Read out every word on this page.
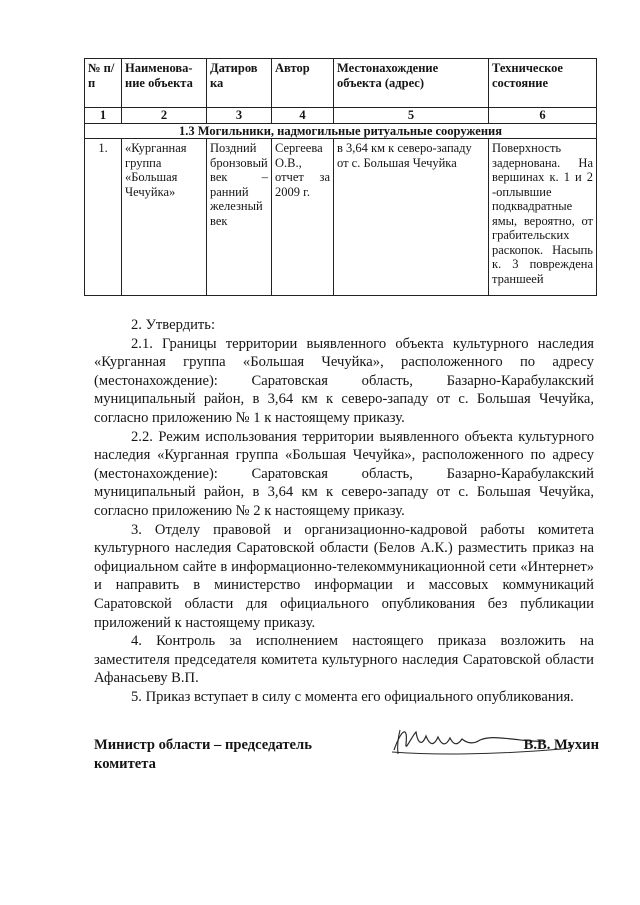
№ п/п	Наименова-ние объекта	Датиров ка	Автор	Местонахождение объекта (адрес)	Техническое состояние
1	2	3	4	5	6
1.3 Могильники, надмогильные ритуальные сооружения					
1.	«Курганная группа «Большая Чечуйка»	Поздний бронзовый век – ранний железный век	Сергеева О.В., отчет за 2009 г.	в 3,64 км к северо-западу от с. Большая Чечуйка	Поверхность задернована. На вершинах к. 1 и 2 -оплывшие подквадратные ямы, вероятно, от грабительских раскопок. Насыпь к. 3 повреждена траншеей

2. Утвердить:

2.1. Границы территории выявленного объекта культурного наследия «Курганная группа «Большая Чечуйка», расположенного по адресу (местонахождение): Саратовская область, Базарно-Карабулакский муниципальный район, в 3,64 км к северо-западу от с. Большая Чечуйка, согласно приложению № 1 к настоящему приказу.

2.2. Режим использования территории выявленного объекта культурного наследия «Курганная группа «Большая Чечуйка», расположенного по адресу (местонахождение): Саратовская область, Базарно-Карабулакский муниципальный район, в 3,64 км к северо-западу от с. Большая Чечуйка, согласно приложению № 2 к настоящему приказу.

3. Отделу правовой и организационно-кадровой работы комитета культурного наследия Саратовской области (Белов А.К.) разместить приказ на официальном сайте в информационно-телекоммуникационной сети «Интернет» и направить в министерство информации и массовых коммуникаций Саратовской области для официального опубликования без публикации приложений к настоящему приказу.

4. Контроль за исполнением настоящего приказа возложить на заместителя председателя комитета культурного наследия Саратовской области Афанасьеву В.П.

5. Приказ вступает в силу с момента его официального опубликования.

Министр области – председатель комитета
В.В. Мухин
